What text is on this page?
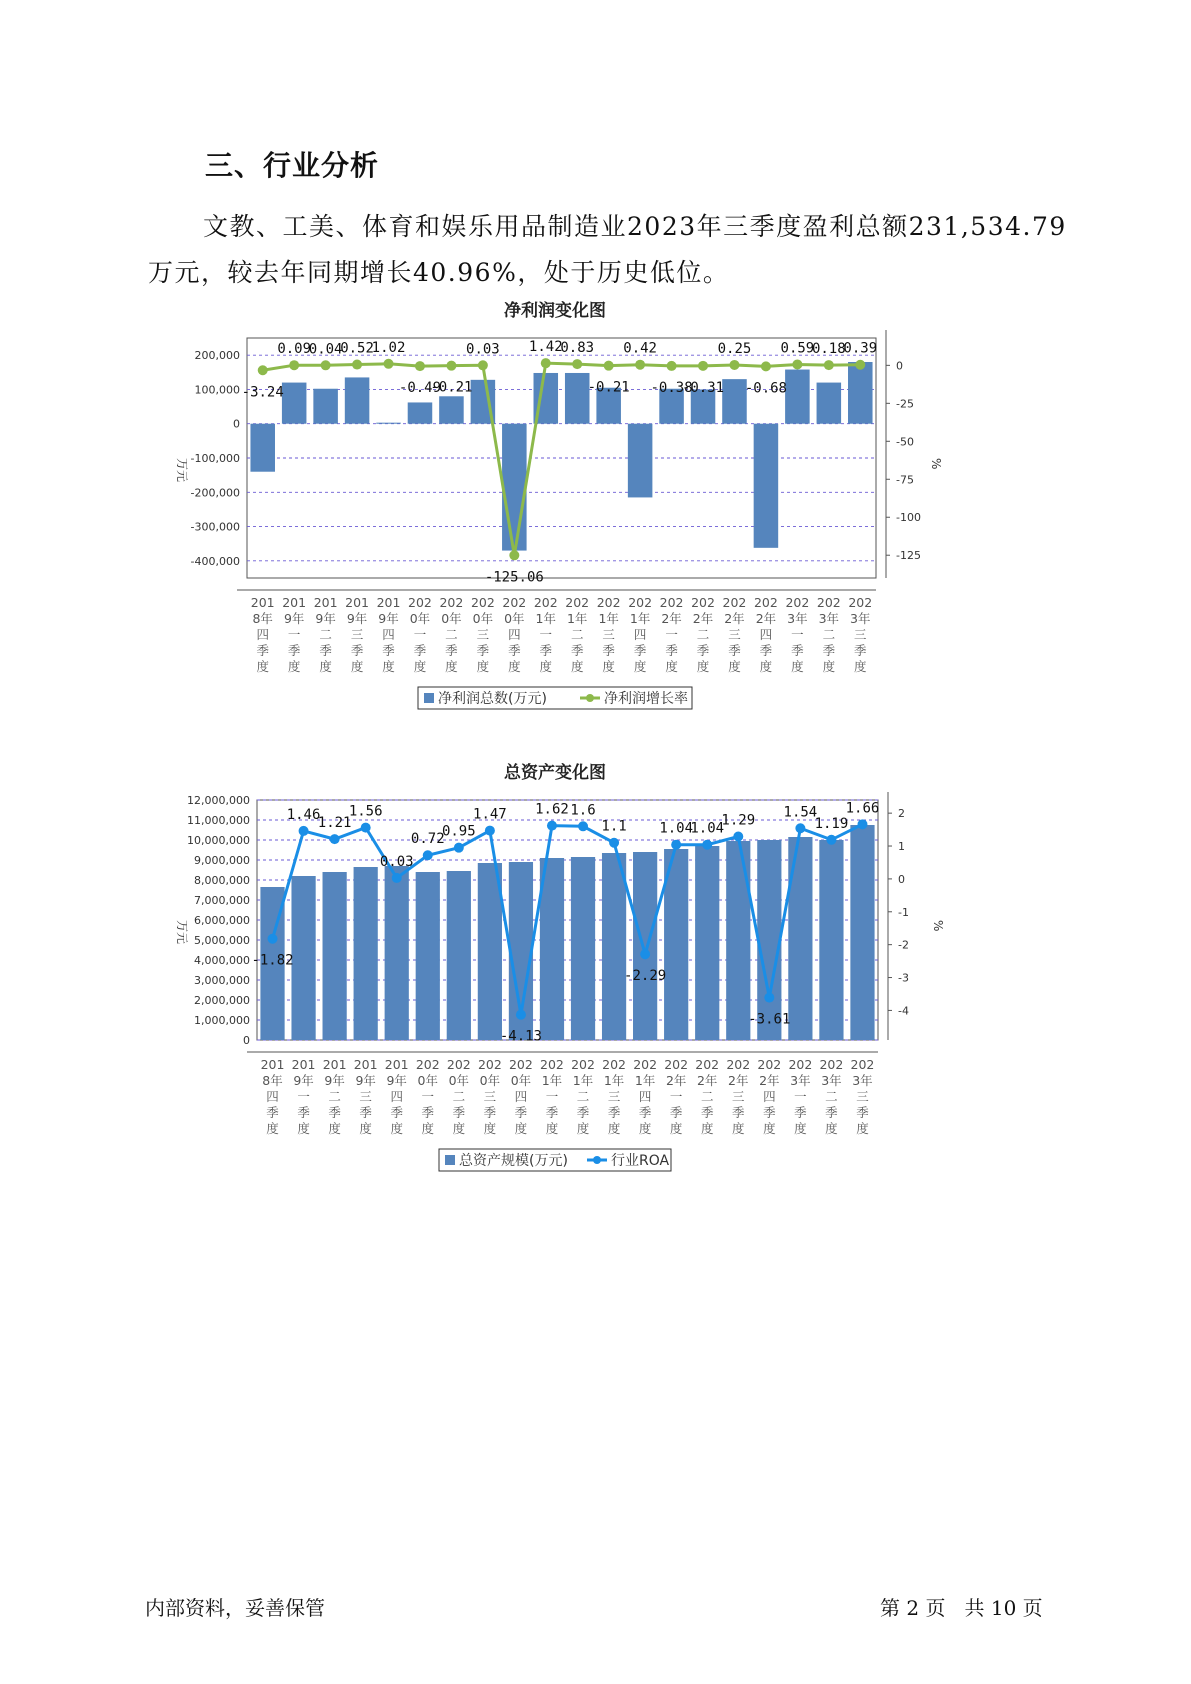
三、行业分析
文教、工美、体育和娱乐用品制造业2023年三季度盈利总额231,534.79万元，较去年同期增长40.96%，处于历史低位。
净利润变化图
200,000
100,000
0
-100,000
-200,000
-300,000
-400,000
0
-25
-50
-75
-100
-125
万元	%
201
8年
四
季
度
201
9年
一
季
度
201
9年
二
季
度
201
9年
三
季
度
201
9年
四
季
度
202
0年
一
季
度
202
0年
二
季
度
202
0年
三
季
度
202
0年
四
季
度
202
1年
一
季
度
202
1年
二
季
度
202
1年
三
季
度
202
1年
四
季
度
202
2年
一
季
度
202
2年
二
季
度
202
2年
三
季
度
202
2年
四
季
度
202
3年
一
季
度
202
3年
二
季
度
202
3年
三
季
度
-3.24
0.09
0.04
0.52
1.02
-0.49
-0.21
0.03
-125.06
1.42
0.83
-0.21
0.42
-0.38
-0.31
0.25
-0.68
0.59
0.18
0.39
净利润总数(万元)	净利润增长率
总资产变化图
12,000,000
11,000,000
10,000,000
9,000,000
8,000,000
7,000,000
6,000,000
5,000,000
4,000,000
3,000,000
2,000,000
1,000,000
0
2
1
0
-1
-2
-3
-4
万元	%
201
8年
四
季
度
201
9年
一
季
度
201
9年
二
季
度
201
9年
三
季
度
201
9年
四
季
度
202
0年
一
季
度
202
0年
二
季
度
202
0年
三
季
度
202
0年
四
季
度
202
1年
一
季
度
202
1年
二
季
度
202
1年
三
季
度
202
1年
四
季
度
202
2年
一
季
度
202
2年
二
季
度
202
2年
三
季
度
202
2年
四
季
度
202
3年
一
季
度
202
3年
二
季
度
202
3年
三
季
度
-1.82
1.46
1.21
1.56
0.03
0.72
0.95
1.47
-4.13
1.62 1.6
1.1
-2.29
1.04
1.04
1.29
-3.61
1.54
1.19
1.66
总资产规模(万元)	行业ROA
内部资料，妥善保管	第 2 页   共 10 页
